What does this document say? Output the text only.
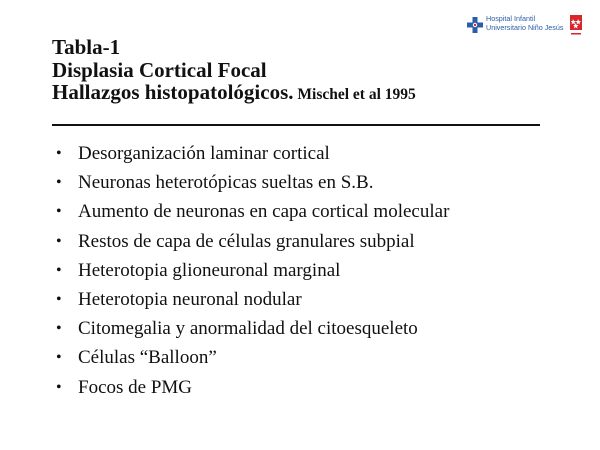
Hospital Infantil
Universitario Niño Jesús
Tabla-1
Displasia Cortical Focal
Hallazgos histopatológicos. Mischel et al 1995
• Desorganización laminar cortical
• Neuronas heterotópicas sueltas en S.B.
• Aumento de neuronas en capa cortical molecular
• Restos de capa de células granulares subpial
• Heterotopia glioneuronal marginal
• Heterotopia neuronal nodular
• Citomegalia y anormalidad del citoesqueleto
• Células “Balloon”
• Focos de PMG
